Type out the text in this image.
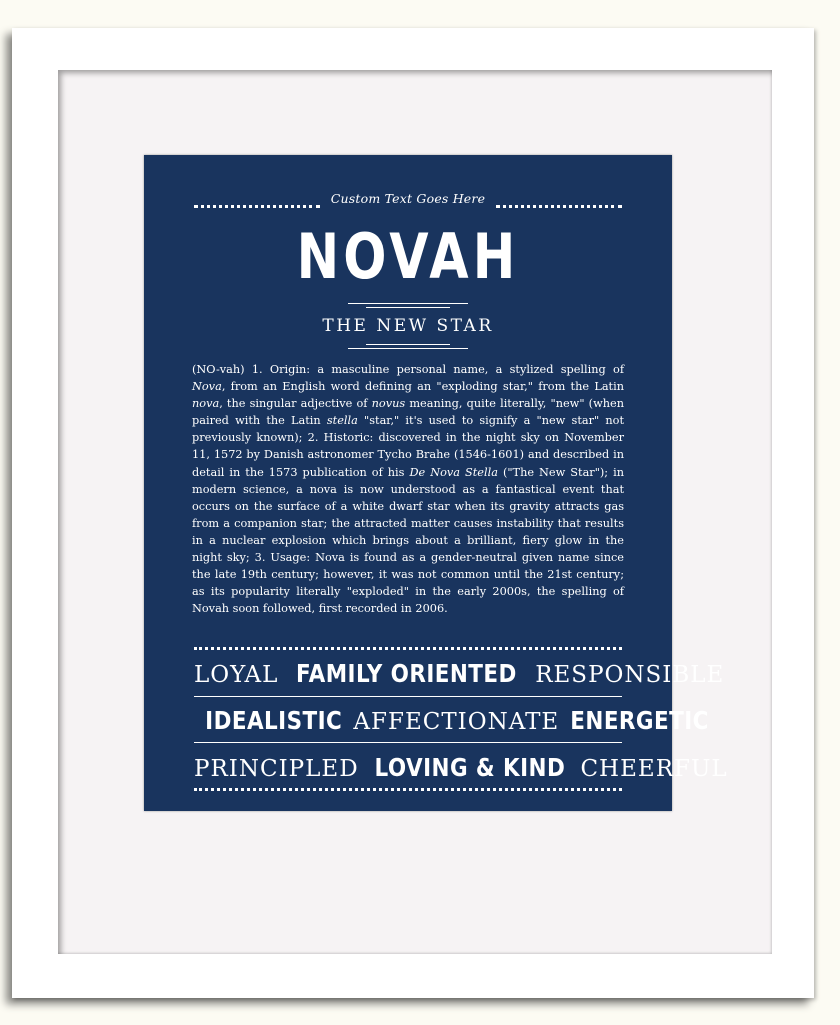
Custom Text Goes Here
NOVAH
THE NEW STAR
(NO-vah) 1. Origin: a masculine personal name, a stylized spelling of Nova, from an English word defining an "exploding star," from the Latin nova, the singular adjective of novus meaning, quite literally, "new" (when paired with the Latin stella "star," it's used to signify a "new star" not previously known); 2. Historic: discovered in the night sky on November 11, 1572 by Danish astronomer Tycho Brahe (1546-1601) and described in detail in the 1573 publication of his De Nova Stella ("The New Star"); in modern science, a nova is now understood as a fantastical event that occurs on the surface of a white dwarf star when its gravity attracts gas from a companion star; the attracted matter causes instability that results in a nuclear explosion which brings about a brilliant, fiery glow in the night sky; 3. Usage: Nova is found as a gender-neutral given name since the late 19th century; however, it was not common until the 21st century; as its popularity literally "exploded" in the early 2000s, the spelling of Novah soon followed, first recorded in 2006.
LOYAL FAMILY ORIENTED RESPONSIBLE
IDEALISTIC AFFECTIONATE ENERGETIC
PRINCIPLED LOVING & KIND CHEERFUL
